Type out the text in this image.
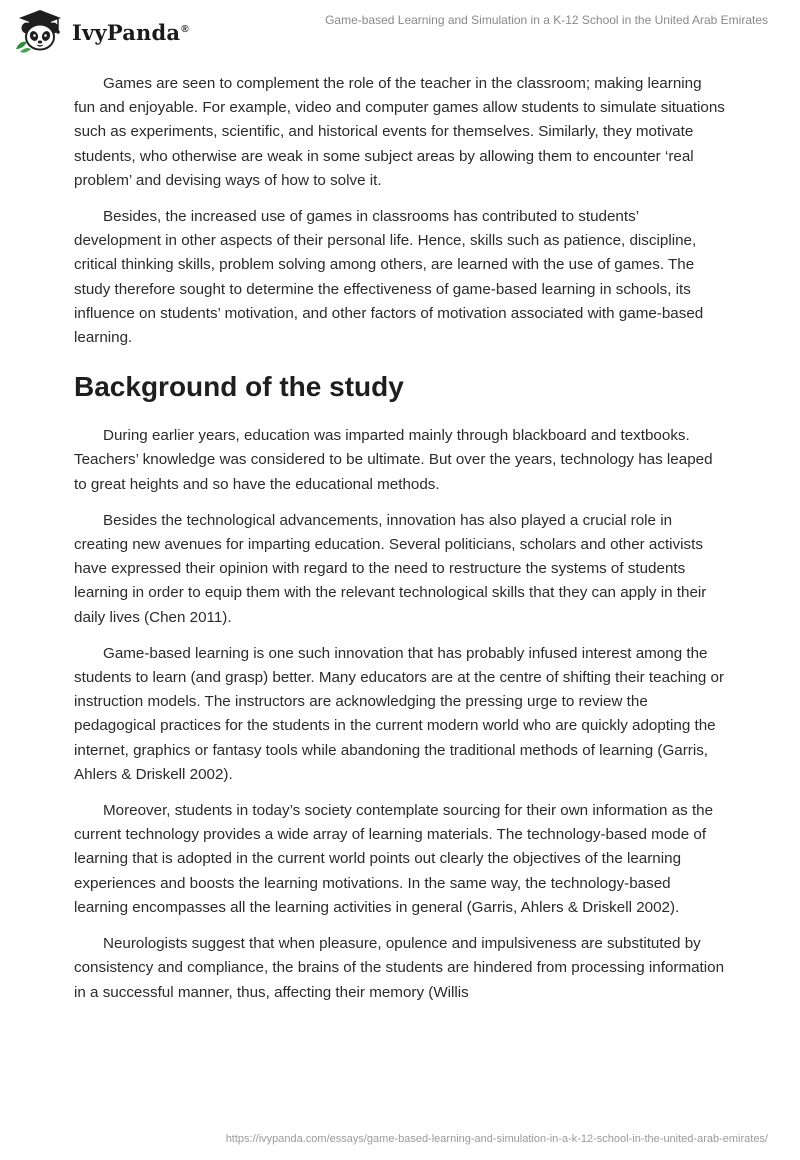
IvyPanda®
Game-based Learning and Simulation in a K-12 School in the United Arab Emirates

Games are seen to complement the role of the teacher in the classroom; making learning fun and enjoyable. For example, video and computer games allow students to simulate situations such as experiments, scientific, and historical events for themselves. Similarly, they motivate students, who otherwise are weak in some subject areas by allowing them to encounter ‘real problem’ and devising ways of how to solve it.

Besides, the increased use of games in classrooms has contributed to students’ development in other aspects of their personal life. Hence, skills such as patience, discipline, critical thinking skills, problem solving among others, are learned with the use of games. The study therefore sought to determine the effectiveness of game-based learning in schools, its influence on students’ motivation, and other factors of motivation associated with game-based learning.

Background of the study

During earlier years, education was imparted mainly through blackboard and textbooks. Teachers’ knowledge was considered to be ultimate. But over the years, technology has leaped to great heights and so have the educational methods.

Besides the technological advancements, innovation has also played a crucial role in creating new avenues for imparting education. Several politicians, scholars and other activists have expressed their opinion with regard to the need to restructure the systems of students learning in order to equip them with the relevant technological skills that they can apply in their daily lives (Chen 2011).

Game-based learning is one such innovation that has probably infused interest among the students to learn (and grasp) better. Many educators are at the centre of shifting their teaching or instruction models. The instructors are acknowledging the pressing urge to review the pedagogical practices for the students in the current modern world who are quickly adopting the internet, graphics or fantasy tools while abandoning the traditional methods of learning (Garris, Ahlers & Driskell 2002).

Moreover, students in today’s society contemplate sourcing for their own information as the current technology provides a wide array of learning materials. The technology-based mode of learning that is adopted in the current world points out clearly the objectives of the learning experiences and boosts the learning motivations. In the same way, the technology-based learning encompasses all the learning activities in general (Garris, Ahlers & Driskell 2002).

Neurologists suggest that when pleasure, opulence and impulsiveness are substituted by consistency and compliance, the brains of the students are hindered from processing information in a successful manner, thus, affecting their memory (Willis

https://ivypanda.com/essays/game-based-learning-and-simulation-in-a-k-12-school-in-the-united-arab-emirates/
